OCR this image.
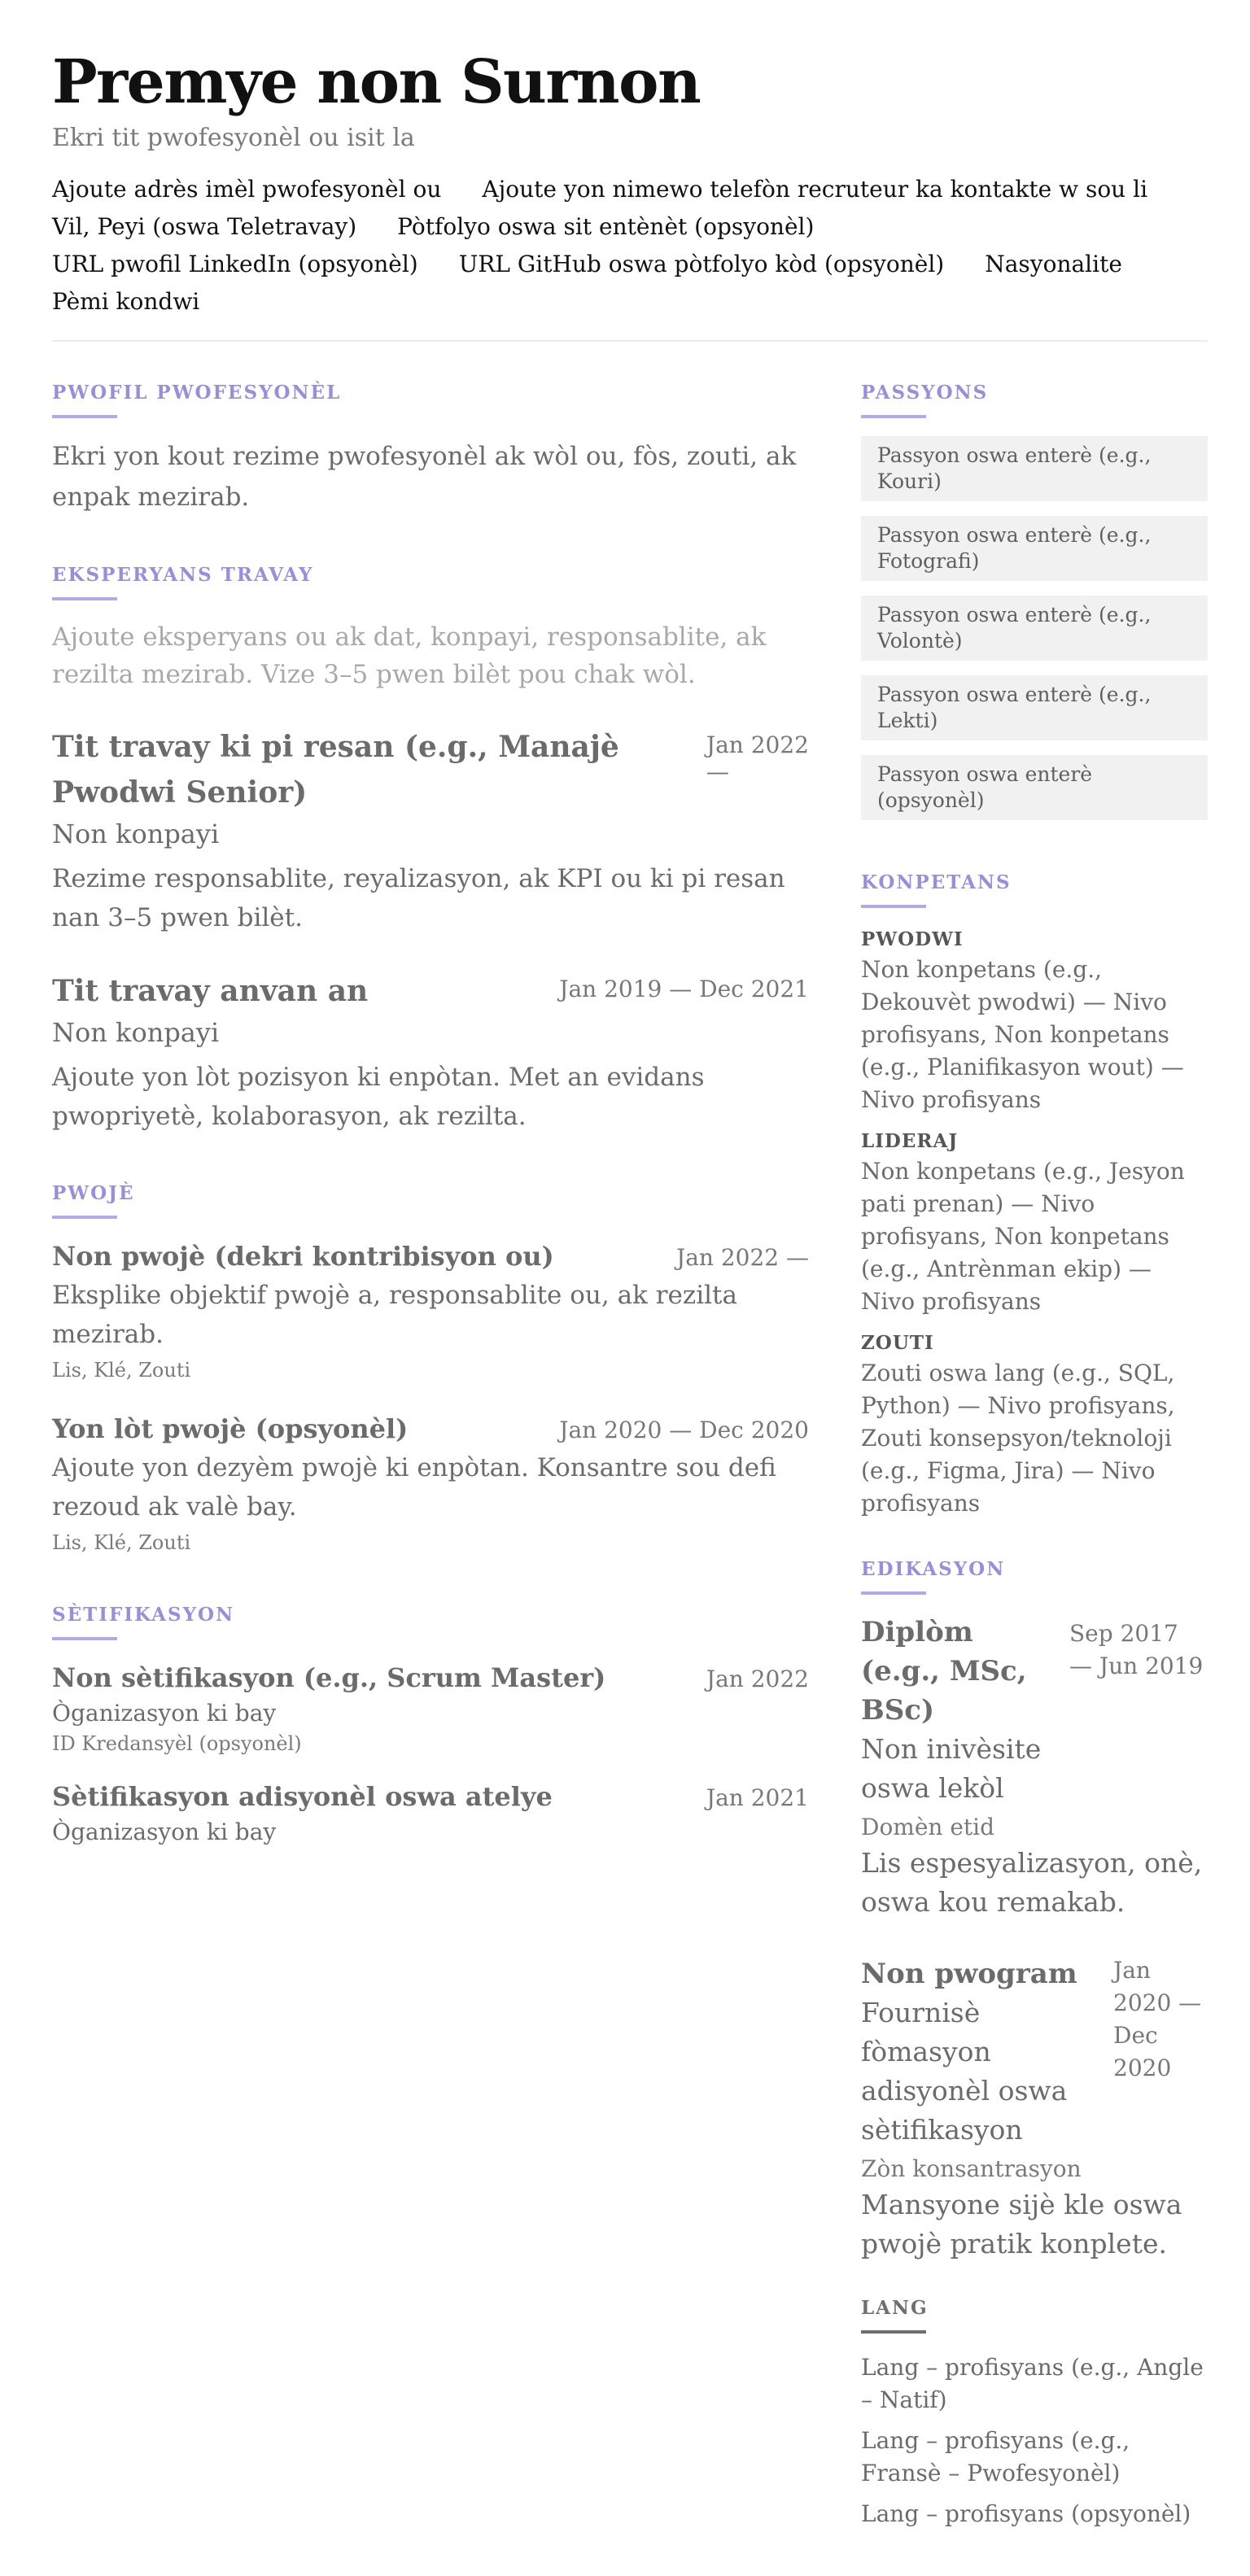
Premye non Surnon
Ekri tit pwofesyonèl ou isit la
Ajoute adrès imèl pwofesyonèl ou Ajoute yon nimewo telefòn recruteur ka kontakte w sou li
Vil, Peyi (oswa Teletravay) Pòtfolyo oswa sit entènèt (opsyonèl)
URL pwofil LinkedIn (opsyonèl) URL GitHub oswa pòtfolyo kòd (opsyonèl) Nasyonalite
Pèmi kondwi
PWOFIL PWOFESYONÈL
Ekri yon kout rezime pwofesyonèl ak wòl ou, fòs, zouti, ak enpak mezirab.
EKSPERYANS TRAVAY
Ajoute eksperyans ou ak dat, konpayi, responsablite, ak rezilta mezirab. Vize 3–5 pwen bilèt pou chak wòl.
Tit travay ki pi resan (e.g., Manajè Pwodwi Senior)
Jan 2022
—
Non konpayi
Rezime responsablite, reyalizasyon, ak KPI ou ki pi resan nan 3–5 pwen bilèt.
Tit travay anvan an	Jan 2019 — Dec 2021
Non konpayi
Ajoute yon lòt pozisyon ki enpòtan. Met an evidans pwopriyetè, kolaborasyon, ak rezilta.
PWOJÈ
Non pwojè (dekri kontribisyon ou)	Jan 2022 —
Eksplike objektif pwojè a, responsablite ou, ak rezilta mezirab.
Lis, Klé, Zouti
Yon lòt pwojè (opsyonèl)	Jan 2020 — Dec 2020
Ajoute yon dezyèm pwojè ki enpòtan. Konsantre sou defi rezoud ak valè bay.
Lis, Klé, Zouti
SÈTIFIKASYON
Non sètifikasyon (e.g., Scrum Master)	Jan 2022
Òganizasyon ki bay
ID Kredansyèl (opsyonèl)
Sètifikasyon adisyonèl oswa atelye	Jan 2021
Òganizasyon ki bay
PASSYONS
Passyon oswa enterè (e.g., Kouri)
Passyon oswa enterè (e.g., Fotografi)
Passyon oswa enterè (e.g., Volontè)
Passyon oswa enterè (e.g., Lekti)
Passyon oswa enterè (opsyonèl)
KONPETANS
PWODWI
Non konpetans (e.g., Dekouvèt pwodwi) — Nivo profisyans, Non konpetans (e.g., Planifikasyon wout) — Nivo profisyans
LIDERAJ
Non konpetans (e.g., Jesyon pati prenan) — Nivo profisyans, Non konpetans (e.g., Antrènman ekip) — Nivo profisyans
ZOUTI
Zouti oswa lang (e.g., SQL, Python) — Nivo profisyans, Zouti konsepsyon/teknoloji (e.g., Figma, Jira) — Nivo profisyans
EDIKASYON
Diplòm (e.g., MSc, BSc)
Sep 2017 — Jun 2019
Non inivèsite oswa lekòl
Domèn etid
Lis espesyalizasyon, onè, oswa kou remakab.
Non pwogram
Fournisè fòmasyon adisyonèl oswa sètifikasyon
Jan 2020 — Dec 2020
Zòn konsantrasyon
Mansyone sijè kle oswa pwojè pratik konplete.
LANG
Lang – profisyans (e.g., Angle – Natif)
Lang – profisyans (e.g., Fransè – Pwofesyonèl)
Lang – profisyans (opsyonèl)
